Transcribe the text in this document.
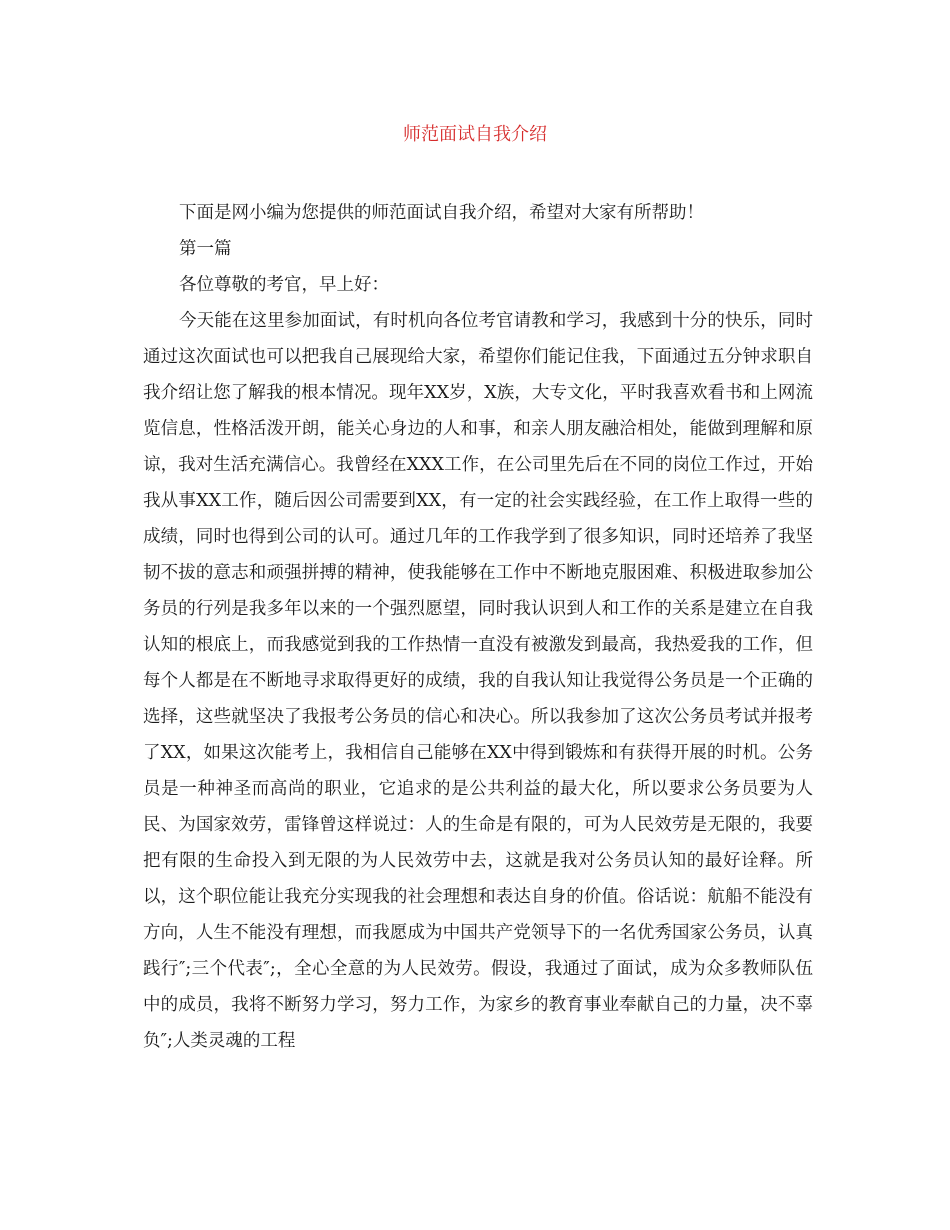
师范面试自我介绍

下面是网小编为您提供的师范面试自我介绍，希望对大家有所帮助！

第一篇

各位尊敬的考官，早上好：

今天能在这里参加面试，有时机向各位考官请教和学习，我感到十分的快乐，同时通过这次面试也可以把我自己展现给大家，希望你们能记住我，下面通过五分钟求职自我介绍让您了解我的根本情况。现年XX岁，X族，大专文化，平时我喜欢看书和上网流览信息，性格活泼开朗，能关心身边的人和事，和亲人朋友融洽相处，能做到理解和原谅，我对生活充满信心。我曾经在XXX工作，在公司里先后在不同的岗位工作过，开始我从事XX工作，随后因公司需要到XX，有一定的社会实践经验，在工作上取得一些的成绩，同时也得到公司的认可。通过几年的工作我学到了很多知识，同时还培养了我坚韧不拔的意志和顽强拼搏的精神，使我能够在工作中不断地克服困难、积极进取参加公务员的行列是我多年以来的一个强烈愿望，同时我认识到人和工作的关系是建立在自我认知的根底上，而我感觉到我的工作热情一直没有被激发到最高，我热爱我的工作，但每个人都是在不断地寻求取得更好的成绩，我的自我认知让我觉得公务员是一个正确的选择，这些就坚决了我报考公务员的信心和决心。所以我参加了这次公务员考试并报考了XX，如果这次能考上，我相信自己能够在XX中得到锻炼和有获得开展的时机。公务员是一种神圣而高尚的职业，它追求的是公共利益的最大化，所以要求公务员要为人民、为国家效劳，雷锋曾这样说过：人的生命是有限的，可为人民效劳是无限的，我要把有限的生命投入到无限的为人民效劳中去，这就是我对公务员认知的最好诠释。所以，这个职位能让我充分实现我的社会理想和表达自身的价值。俗话说：航船不能没有方向，人生不能没有理想，而我愿成为中国共产党领导下的一名优秀国家公务员，认真践行″;三个代表″;，全心全意的为人民效劳。假设，我通过了面试，成为众多教师队伍中的成员，我将不断努力学习，努力工作，为家乡的教育事业奉献自己的力量，决不辜负″;人类灵魂的工程
